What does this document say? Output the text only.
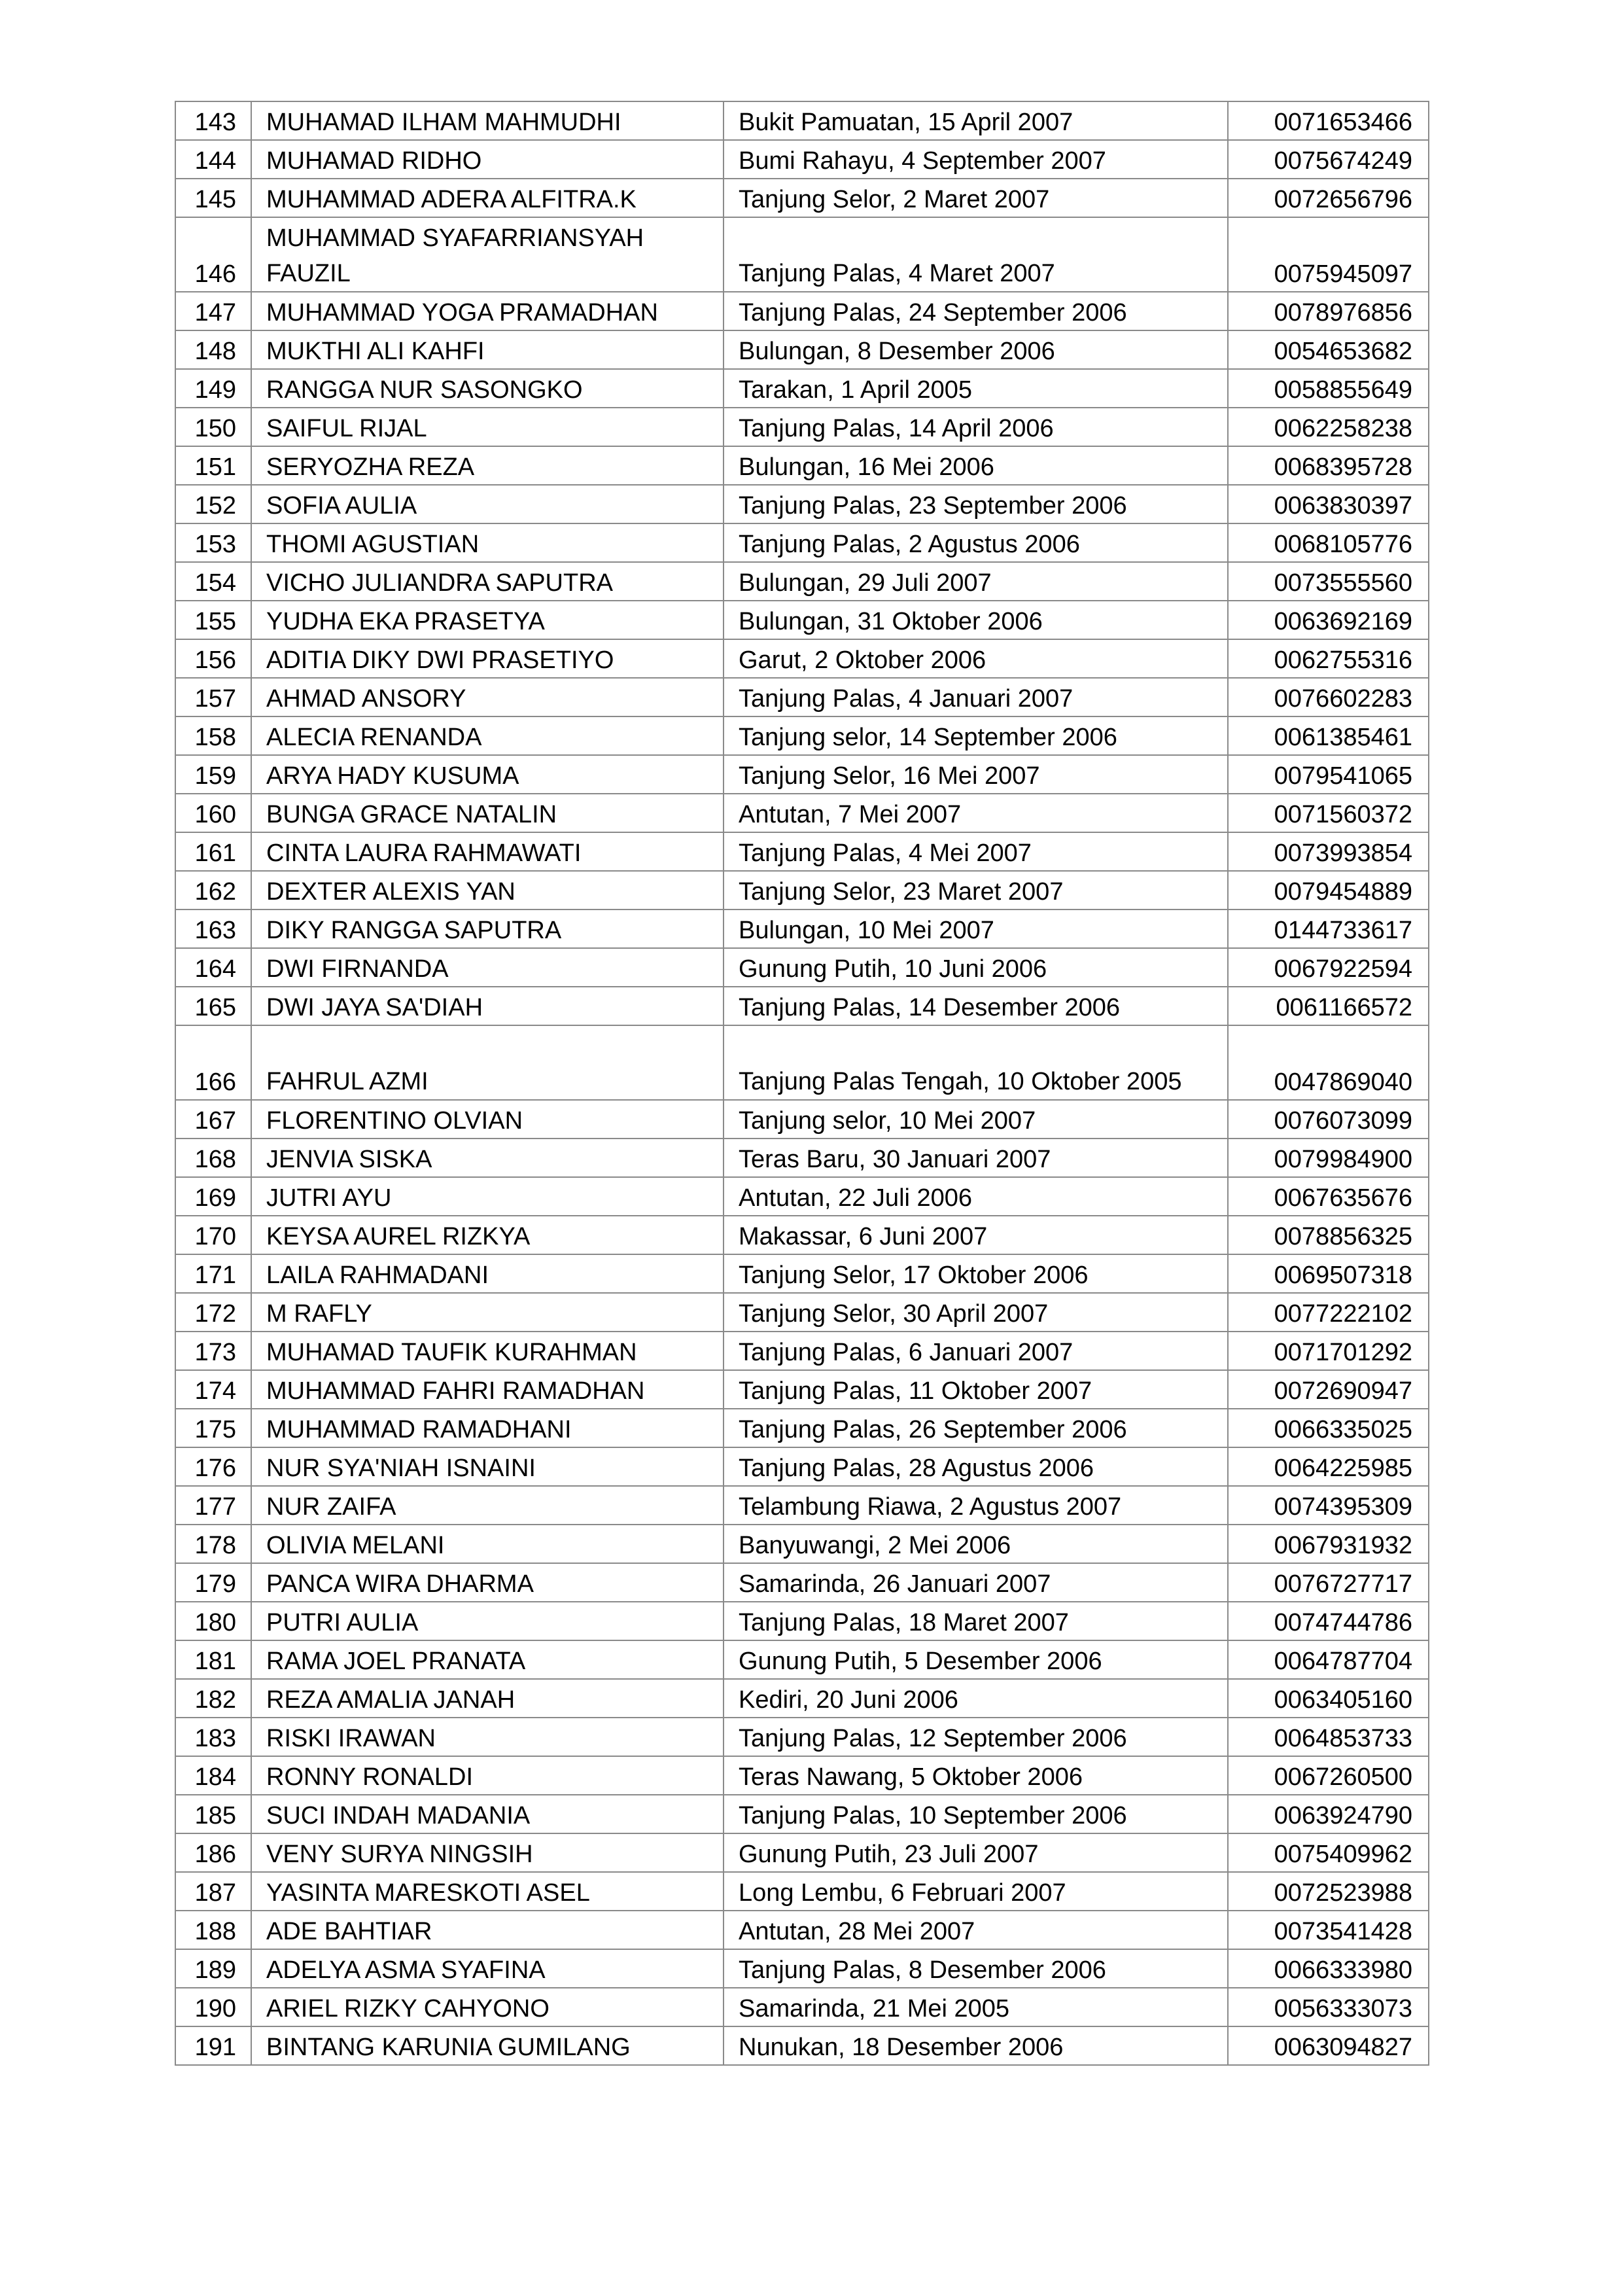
143	MUHAMAD ILHAM MAHMUDHI	Bukit Pamuatan, 15 April 2007	0071653466
144	MUHAMAD RIDHO	Bumi Rahayu, 4 September 2007	0075674249
145	MUHAMMAD ADERA ALFITRA.K	Tanjung Selor, 2 Maret 2007	0072656796
146	MUHAMMAD SYAFARRIANSYAH FAUZIL	Tanjung Palas, 4 Maret 2007	0075945097
147	MUHAMMAD YOGA PRAMADHAN	Tanjung Palas, 24 September 2006	0078976856
148	MUKTHI ALI KAHFI	Bulungan, 8 Desember 2006	0054653682
149	RANGGA NUR SASONGKO	Tarakan, 1 April 2005	0058855649
150	SAIFUL RIJAL	Tanjung Palas, 14 April 2006	0062258238
151	SERYOZHA REZA	Bulungan, 16 Mei 2006	0068395728
152	SOFIA AULIA	Tanjung Palas, 23 September 2006	0063830397
153	THOMI AGUSTIAN	Tanjung Palas, 2 Agustus 2006	0068105776
154	VICHO JULIANDRA SAPUTRA	Bulungan, 29 Juli 2007	0073555560
155	YUDHA EKA PRASETYA	Bulungan, 31 Oktober 2006	0063692169
156	ADITIA DIKY DWI PRASETIYO	Garut, 2 Oktober 2006	0062755316
157	AHMAD ANSORY	Tanjung Palas, 4 Januari 2007	0076602283
158	ALECIA RENANDA	Tanjung selor, 14 September 2006	0061385461
159	ARYA HADY KUSUMA	Tanjung Selor, 16 Mei 2007	0079541065
160	BUNGA GRACE NATALIN	Antutan, 7 Mei 2007	0071560372
161	CINTA LAURA RAHMAWATI	Tanjung Palas, 4 Mei 2007	0073993854
162	DEXTER ALEXIS YAN	Tanjung Selor, 23 Maret 2007	0079454889
163	DIKY RANGGA SAPUTRA	Bulungan, 10 Mei 2007	0144733617
164	DWI FIRNANDA	Gunung Putih, 10 Juni 2006	0067922594
165	DWI JAYA SA'DIAH	Tanjung Palas, 14 Desember 2006	0061166572
166	FAHRUL AZMI	Tanjung Palas Tengah, 10 Oktober 2005	0047869040
167	FLORENTINO OLVIAN	Tanjung selor, 10 Mei 2007	0076073099
168	JENVIA SISKA	Teras Baru, 30 Januari 2007	0079984900
169	JUTRI AYU	Antutan, 22 Juli 2006	0067635676
170	KEYSA AUREL RIZKYA	Makassar, 6 Juni 2007	0078856325
171	LAILA RAHMADANI	Tanjung Selor, 17 Oktober 2006	0069507318
172	M RAFLY	Tanjung Selor, 30 April 2007	0077222102
173	MUHAMAD TAUFIK KURAHMAN	Tanjung Palas, 6 Januari 2007	0071701292
174	MUHAMMAD FAHRI RAMADHAN	Tanjung Palas, 11 Oktober 2007	0072690947
175	MUHAMMAD RAMADHANI	Tanjung Palas, 26 September 2006	0066335025
176	NUR SYA'NIAH ISNAINI	Tanjung Palas, 28 Agustus 2006	0064225985
177	NUR ZAIFA	Telambung Riawa, 2 Agustus 2007	0074395309
178	OLIVIA MELANI	Banyuwangi, 2 Mei 2006	0067931932
179	PANCA WIRA DHARMA	Samarinda, 26 Januari 2007	0076727717
180	PUTRI AULIA	Tanjung Palas, 18 Maret 2007	0074744786
181	RAMA JOEL PRANATA	Gunung Putih, 5 Desember 2006	0064787704
182	REZA AMALIA JANAH	Kediri, 20 Juni 2006	0063405160
183	RISKI IRAWAN	Tanjung Palas, 12 September 2006	0064853733
184	RONNY RONALDI	Teras Nawang, 5 Oktober 2006	0067260500
185	SUCI INDAH MADANIA	Tanjung Palas, 10 September 2006	0063924790
186	VENY SURYA NINGSIH	Gunung Putih, 23 Juli 2007	0075409962
187	YASINTA MARESKOTI ASEL	Long Lembu, 6 Februari 2007	0072523988
188	ADE BAHTIAR	Antutan, 28 Mei 2007	0073541428
189	ADELYA ASMA SYAFINA	Tanjung Palas, 8 Desember 2006	0066333980
190	ARIEL RIZKY CAHYONO	Samarinda, 21 Mei 2005	0056333073
191	BINTANG KARUNIA GUMILANG	Nunukan, 18 Desember 2006	0063094827
